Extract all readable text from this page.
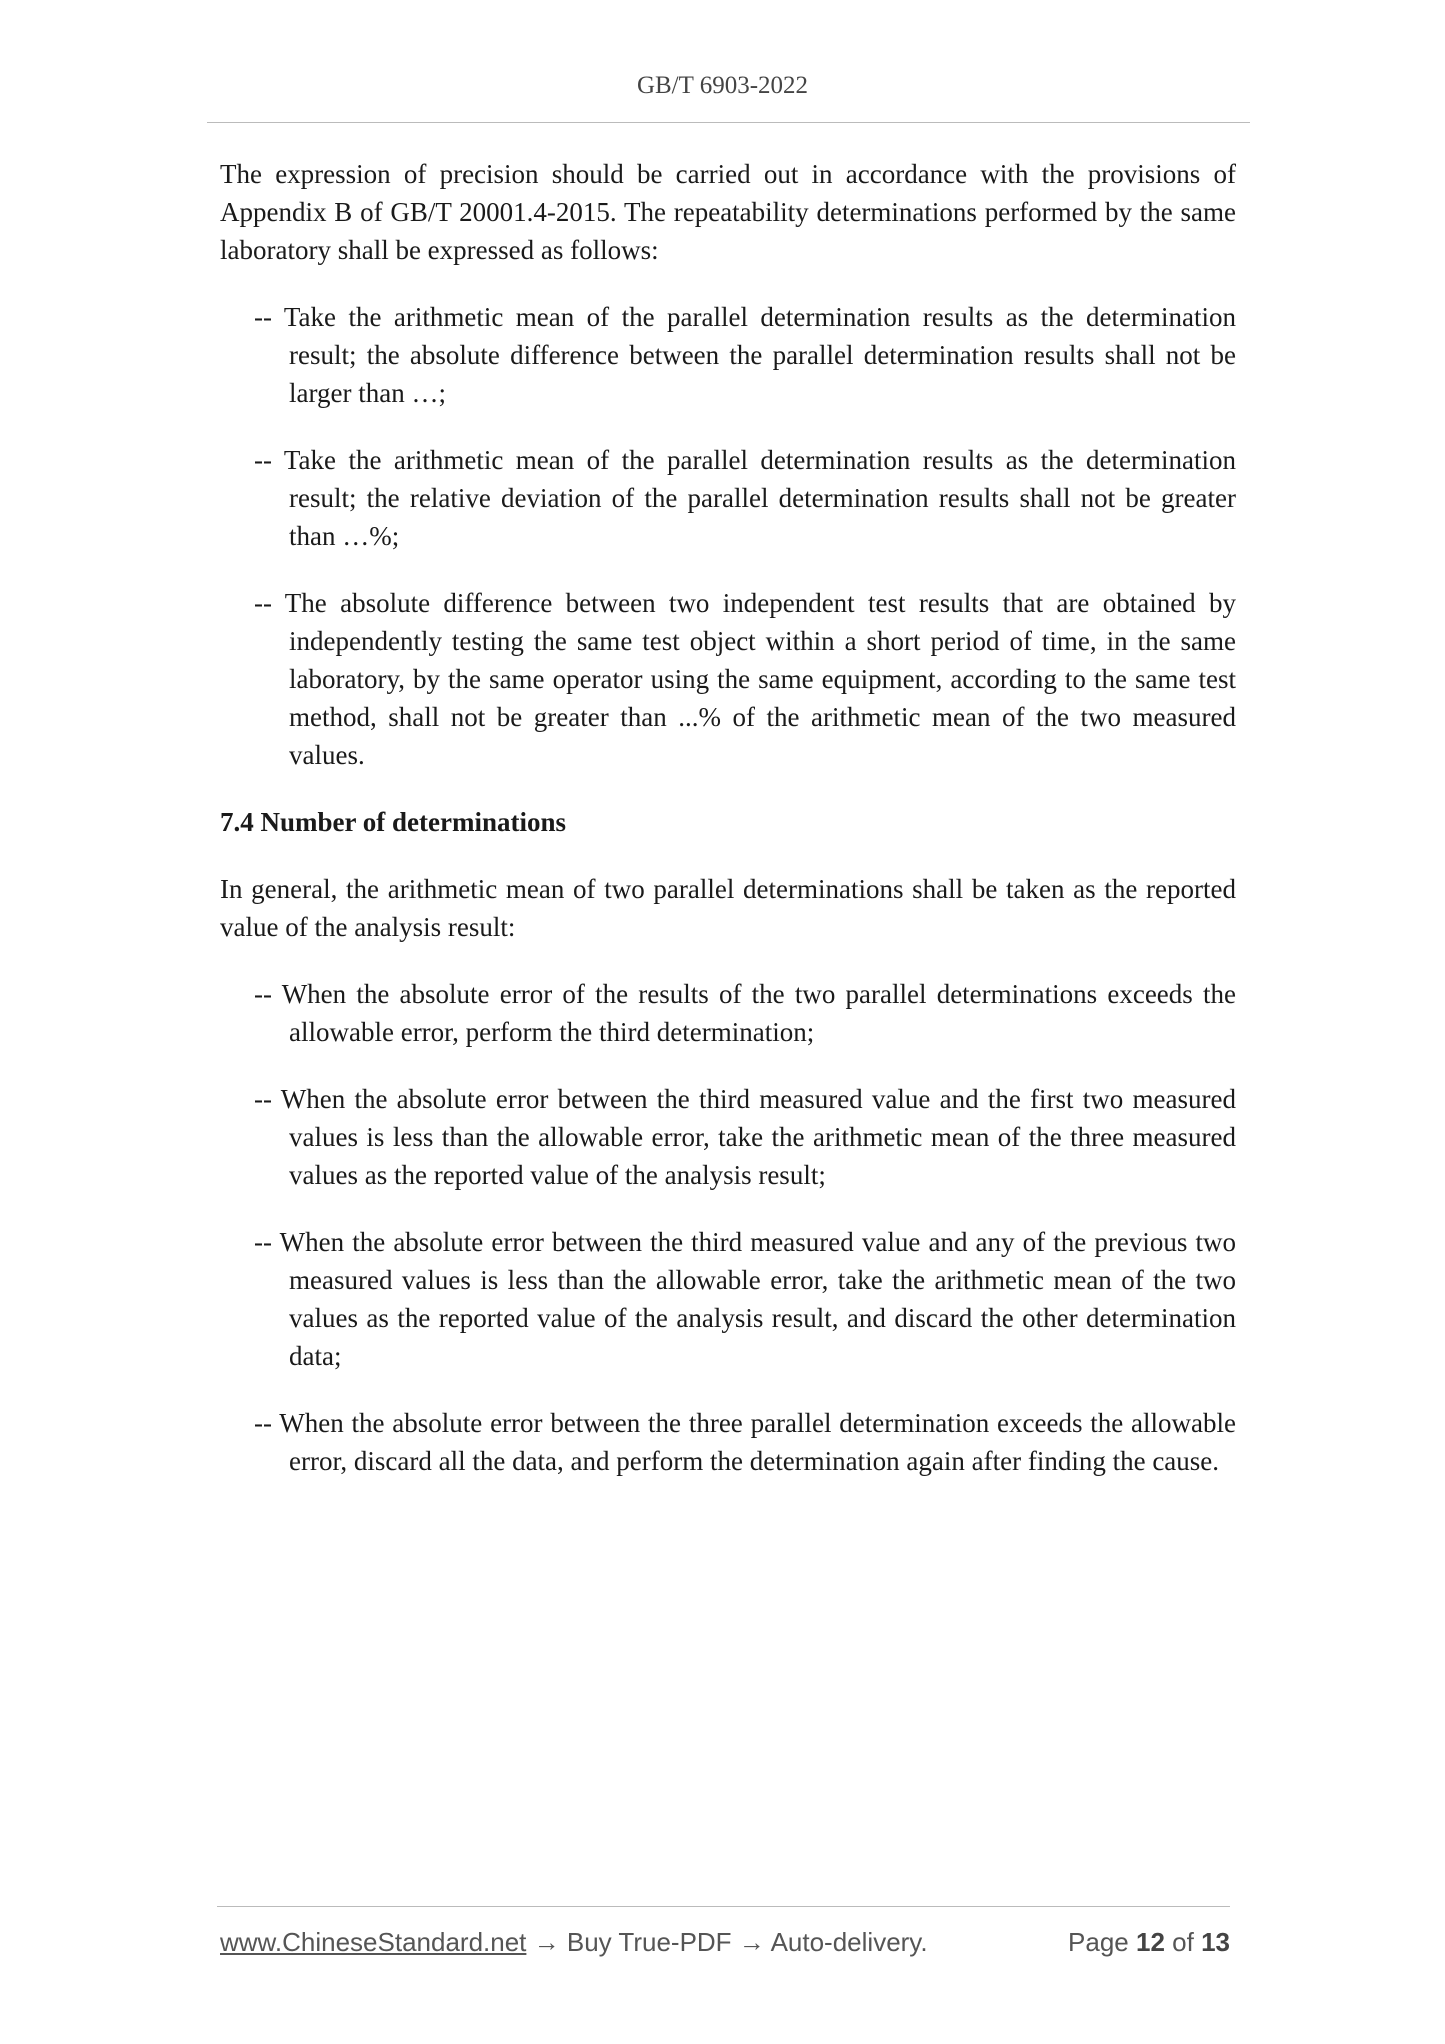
GB/T 6903-2022

The expression of precision should be carried out in accordance with the provisions of Appendix B of GB/T 20001.4-2015. The repeatability determinations performed by the same laboratory shall be expressed as follows:

-- Take the arithmetic mean of the parallel determination results as the determination result; the absolute difference between the parallel determination results shall not be larger than …;

-- Take the arithmetic mean of the parallel determination results as the determination result; the relative deviation of the parallel determination results shall not be greater than …%;

-- The absolute difference between two independent test results that are obtained by independently testing the same test object within a short period of time, in the same laboratory, by the same operator using the same equipment, according to the same test method, shall not be greater than ...% of the arithmetic mean of the two measured values.

7.4 Number of determinations

In general, the arithmetic mean of two parallel determinations shall be taken as the reported value of the analysis result:

-- When the absolute error of the results of the two parallel determinations exceeds the allowable error, perform the third determination;

-- When the absolute error between the third measured value and the first two measured values is less than the allowable error, take the arithmetic mean of the three measured values as the reported value of the analysis result;

-- When the absolute error between the third measured value and any of the previous two measured values is less than the allowable error, take the arithmetic mean of the two values as the reported value of the analysis result, and discard the other determination data;

-- When the absolute error between the three parallel determination exceeds the allowable error, discard all the data, and perform the determination again after finding the cause.

www.ChineseStandard.net → Buy True-PDF → Auto-delivery.	Page 12 of 13
